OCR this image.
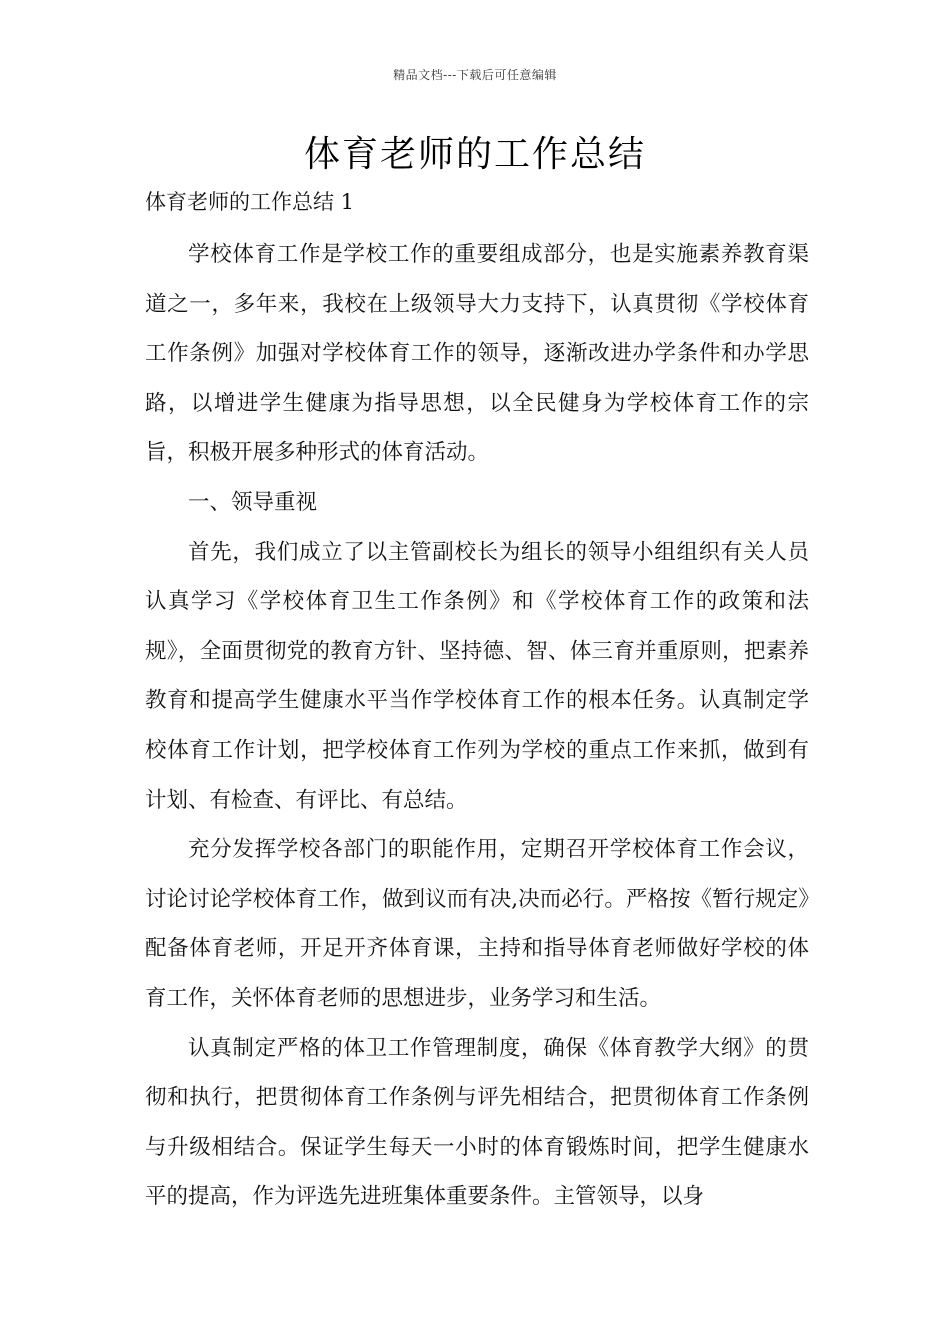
精品文档---下载后可任意编辑
体育老师的工作总结
体育老师的工作总结 1

学校体育工作是学校工作的重要组成部分，也是实施素养教育渠道之一，多年来，我校在上级领导大力支持下，认真贯彻《学校体育工作条例》加强对学校体育工作的领导，逐渐改进办学条件和办学思路，以增进学生健康为指导思想，以全民健身为学校体育工作的宗旨，积极开展多种形式的体育活动。

一、领导重视

首先，我们成立了以主管副校长为组长的领导小组组织有关人员认真学习《学校体育卫生工作条例》和《学校体育工作的政策和法规》，全面贯彻党的教育方针、坚持德、智、体三育并重原则，把素养教育和提高学生健康水平当作学校体育工作的根本任务。认真制定学校体育工作计划，把学校体育工作列为学校的重点工作来抓，做到有计划、有检查、有评比、有总结。

充分发挥学校各部门的职能作用，定期召开学校体育工作会议，讨论讨论学校体育工作，做到议而有决,决而必行。严格按《暂行规定》配备体育老师，开足开齐体育课，主持和指导体育老师做好学校的体育工作，关怀体育老师的思想进步，业务学习和生活。

认真制定严格的体卫工作管理制度，确保《体育教学大纲》的贯彻和执行，把贯彻体育工作条例与评先相结合，把贯彻体育工作条例与升级相结合。保证学生每天一小时的体育锻炼时间，把学生健康水平的提高，作为评选先进班集体重要条件。主管领导，以身
